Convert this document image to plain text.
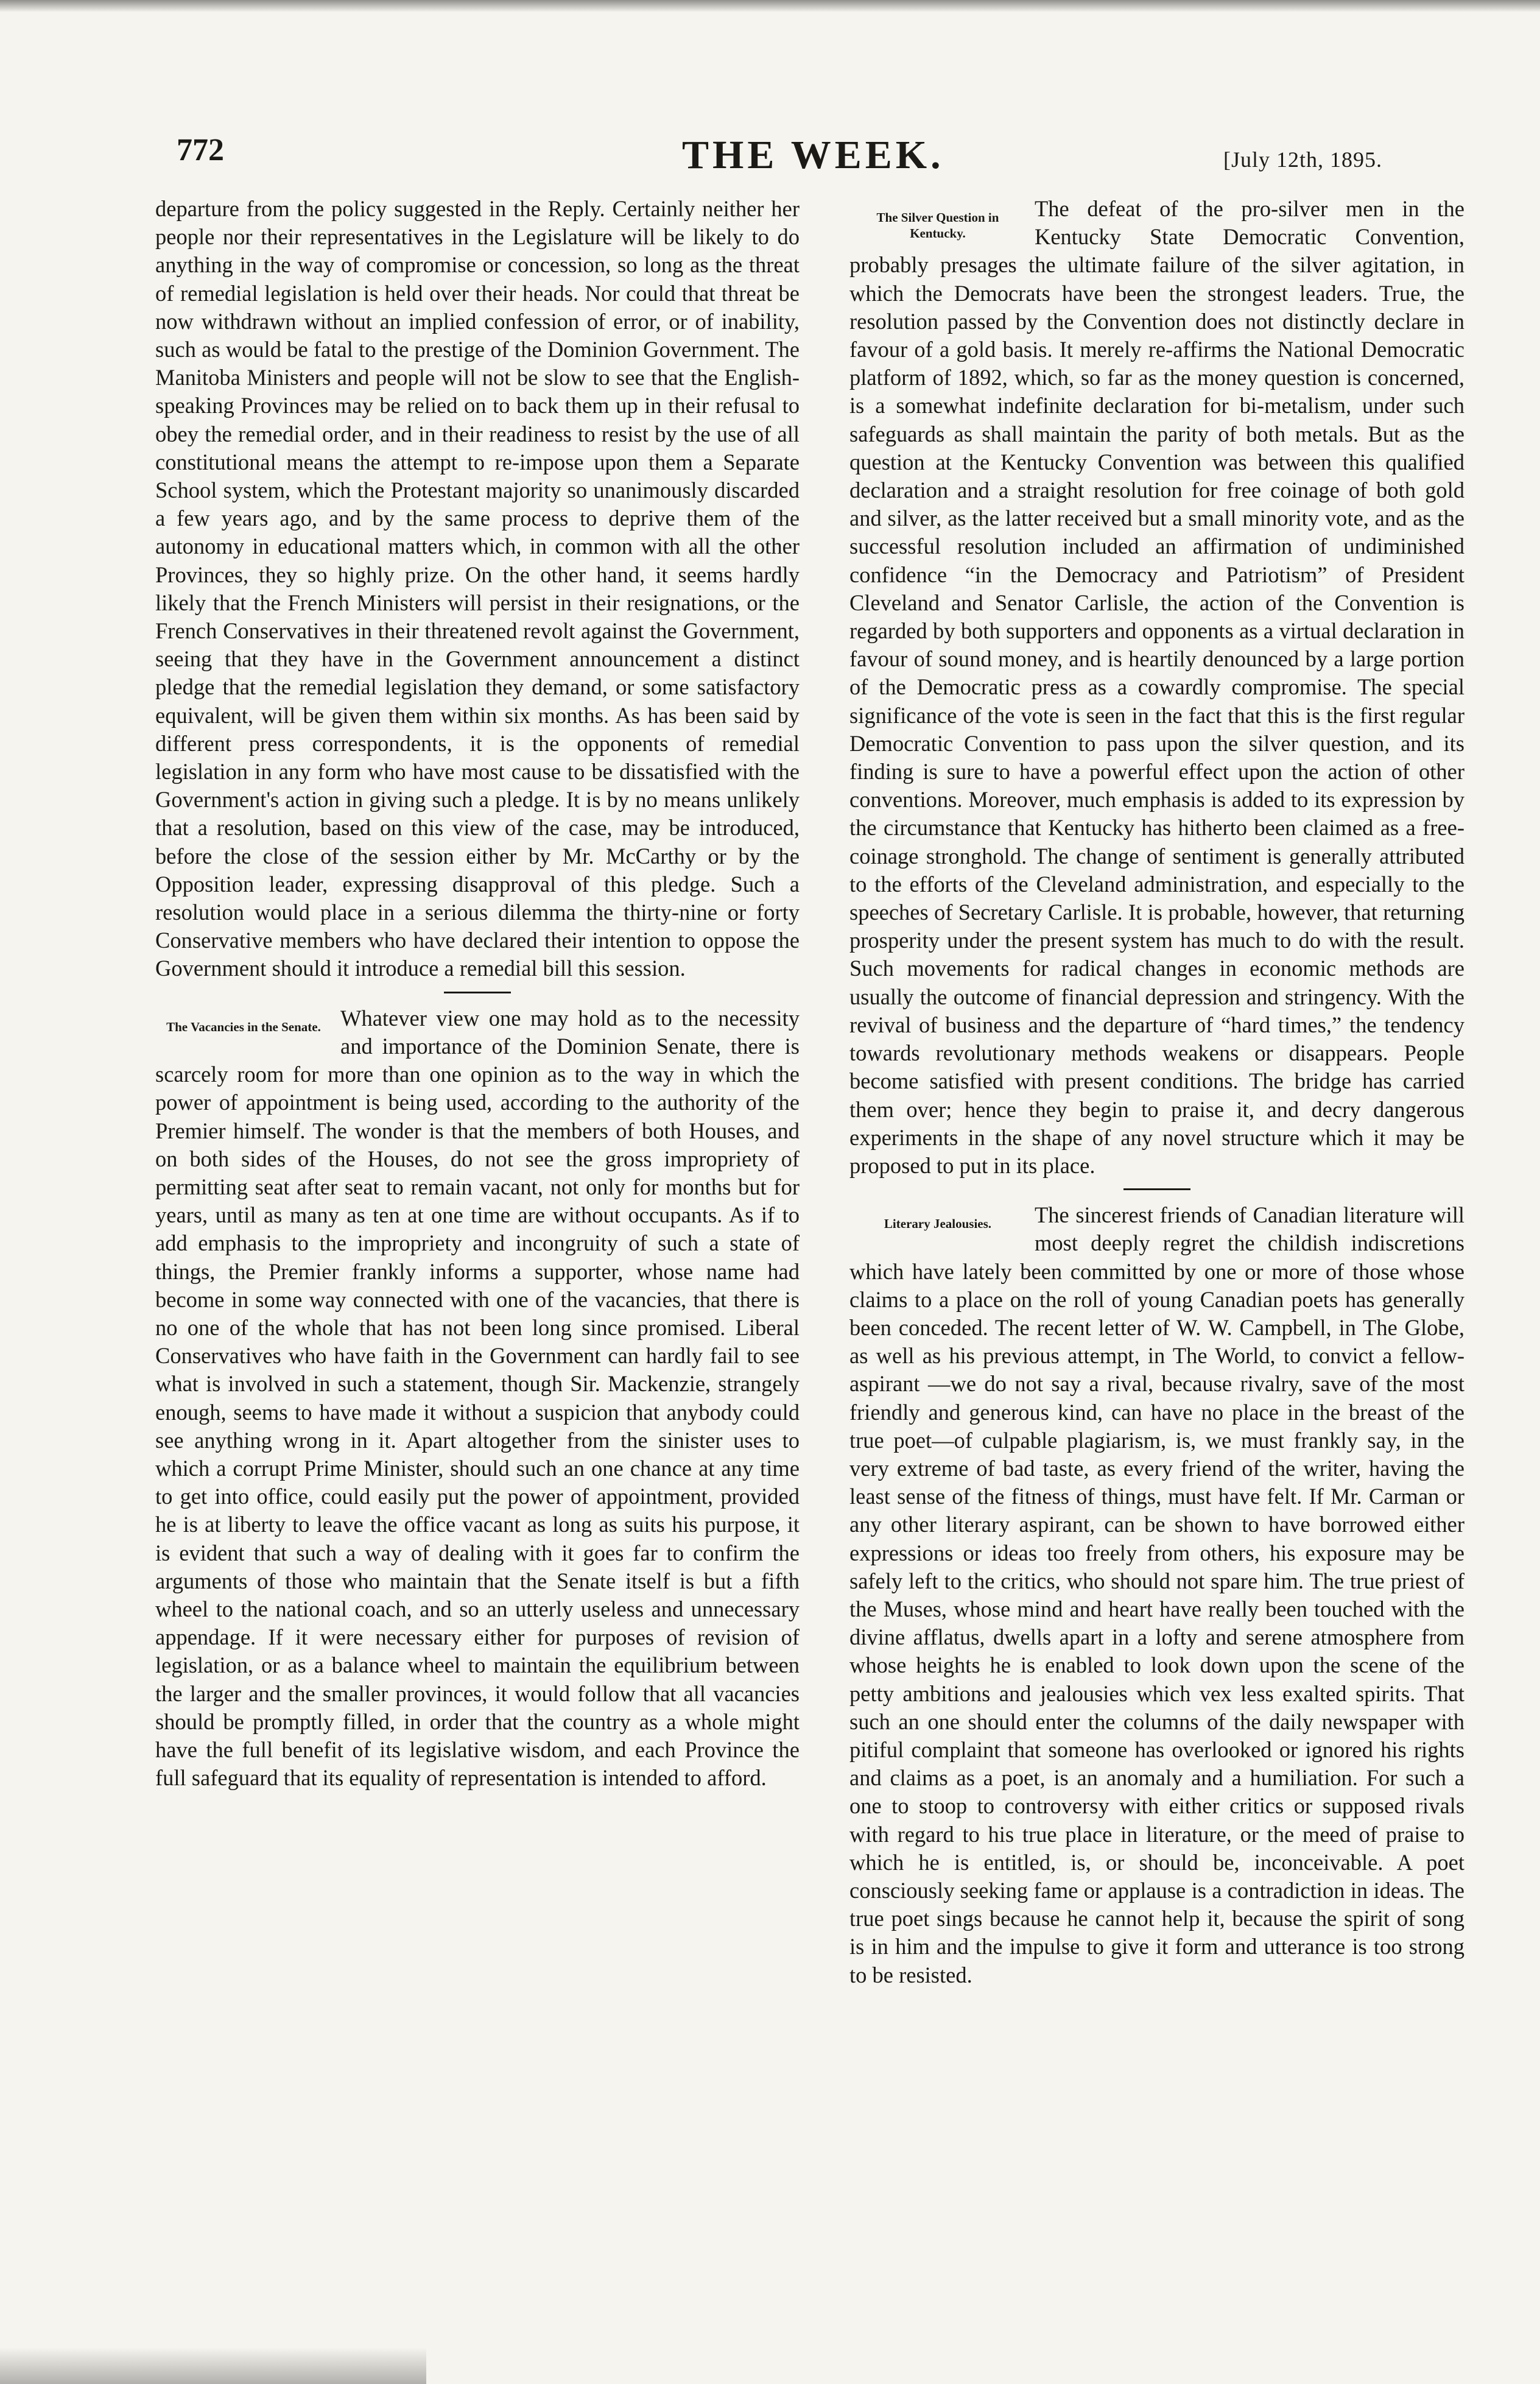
772	THE WEEK.	[July 12th, 1895.

departure from the policy suggested in the Reply. Certainly neither her people nor their representatives in the Legislature will be likely to do anything in the way of compromise or concession, so long as the threat of remedial legislation is held over their heads. Nor could that threat be now withdrawn without an implied confession of error, or of inability, such as would be fatal to the prestige of the Dominion Government. The Manitoba Ministers and people will not be slow to see that the English-speaking Provinces may be relied on to back them up in their refusal to obey the remedial order, and in their readiness to resist by the use of all constitutional means the attempt to re-impose upon them a Separate School system, which the Protestant majority so unanimously discarded a few years ago, and by the same process to deprive them of the autonomy in educational matters which, in common with all the other Provinces, they so highly prize. On the other hand, it seems hardly likely that the French Ministers will persist in their resignations, or the French Conservatives in their threatened revolt against the Government, seeing that they have in the Government announcement a distinct pledge that the remedial legislation they demand, or some satisfactory equivalent, will be given them within six months. As has been said by different press correspondents, it is the opponents of remedial legislation in any form who have most cause to be dissatisfied with the Government's action in giving such a pledge. It is by no means unlikely that a resolution, based on this view of the case, may be introduced, before the close of the session either by Mr. McCarthy or by the Opposition leader, expressing disapproval of this pledge. Such a resolution would place in a serious dilemma the thirty-nine or forty Conservative members who have declared their intention to oppose the Government should it introduce a remedial bill this session.

The Vacancies in the Senate. Whatever view one may hold as to the necessity and importance of the Dominion Senate, there is scarcely room for more than one opinion as to the way in which the power of appointment is being used, according to the authority of the Premier himself. The wonder is that the members of both Houses, and on both sides of the Houses, do not see the gross impropriety of permitting seat after seat to remain vacant, not only for months but for years, until as many as ten at one time are without occupants. As if to add emphasis to the impropriety and incongruity of such a state of things, the Premier frankly informs a supporter, whose name had become in some way connected with one of the vacancies, that there is no one of the whole that has not been long since promised. Liberal Conservatives who have faith in the Government can hardly fail to see what is involved in such a statement, though Sir. Mackenzie, strangely enough, seems to have made it without a suspicion that anybody could see anything wrong in it. Apart altogether from the sinister uses to which a corrupt Prime Minister, should such an one chance at any time to get into office, could easily put the power of appointment, provided he is at liberty to leave the office vacant as long as suits his purpose, it is evident that such a way of dealing with it goes far to confirm the arguments of those who maintain that the Senate itself is but a fifth wheel to the national coach, and so an utterly useless and unnecessary appendage. If it were necessary either for purposes of revision of legislation, or as a balance wheel to maintain the equilibrium between the larger and the smaller provinces, it would follow that all vacancies should be promptly filled, in order that the country as a whole might have the full benefit of its legislative wisdom, and each Province the full safeguard that its equality of representation is intended to afford.

The Silver Question in Kentucky.

The defeat of the pro-silver men in the Kentucky State Democratic Convention, probably presages the ultimate failure of the silver agitation, in which the Democrats have been the strongest leaders. True, the resolution passed by the Convention does not distinctly declare in favour of a gold basis. It merely re-affirms the National Democratic platform of 1892, which, so far as the money question is concerned, is a somewhat indefinite declaration for bi-metalism, under such safeguards as shall maintain the parity of both metals. But as the question at the Kentucky Convention was between this qualified declaration and a straight resolution for free coinage of both gold and silver, as the latter received but a small minority vote, and as the successful resolution included an affirmation of undiminished confidence “in the Democracy and Patriotism” of President Cleveland and Senator Carlisle, the action of the Convention is regarded by both supporters and opponents as a virtual declaration in favour of sound money, and is heartily denounced by a large portion of the Democratic press as a cowardly compromise. The special significance of the vote is seen in the fact that this is the first regular Democratic Convention to pass upon the silver question, and its finding is sure to have a powerful effect upon the action of other conventions. Moreover, much emphasis is added to its expression by the circumstance that Kentucky has hitherto been claimed as a free-coinage stronghold. The change of sentiment is generally attributed to the efforts of the Cleveland administration, and especially to the speeches of Secretary Carlisle. It is probable, however, that returning prosperity under the present system has much to do with the result. Such movements for radical changes in economic methods are usually the outcome of financial depression and stringency. With the revival of business and the departure of “hard times,” the tendency towards revolutionary methods weakens or disappears. People become satisfied with present conditions. The bridge has carried them over; hence they begin to praise it, and decry dangerous experiments in the shape of any novel structure which it may be proposed to put in its place.

Literary Jealousies.	The sincerest friends of Canadian literature will most deeply regret the childish indiscretions which have lately been committed by one or more of those whose claims to a place on the roll of young Canadian poets has generally been conceded. The recent letter of W. W. Campbell, in The Globe, as well as his previous attempt, in The World, to convict a fellow-aspirant —we do not say a rival, because rivalry, save of the most friendly and generous kind, can have no place in the breast of the true poet—of culpable plagiarism, is, we must frankly say, in the very extreme of bad taste, as every friend of the writer, having the least sense of the fitness of things, must have felt. If Mr. Carman or any other literary aspirant, can be shown to have borrowed either expressions or ideas too freely from others, his exposure may be safely left to the critics, who should not spare him. The true priest of the Muses, whose mind and heart have really been touched with the divine afflatus, dwells apart in a lofty and serene atmosphere from whose heights he is enabled to look down upon the scene of the petty ambitions and jealousies which vex less exalted spirits. That such an one should enter the columns of the daily newspaper with pitiful complaint that someone has overlooked or ignored his rights and claims as a poet, is an anomaly and a humiliation. For such a one to stoop to controversy with either critics or supposed rivals with regard to his true place in literature, or the meed of praise to which he is entitled, is, or should be, inconceivable. A poet consciously seeking fame or applause is a contradiction in ideas. The true poet sings because he cannot help it, because the spirit of song is in him and the impulse to give it form and utterance is too strong to be resisted.
